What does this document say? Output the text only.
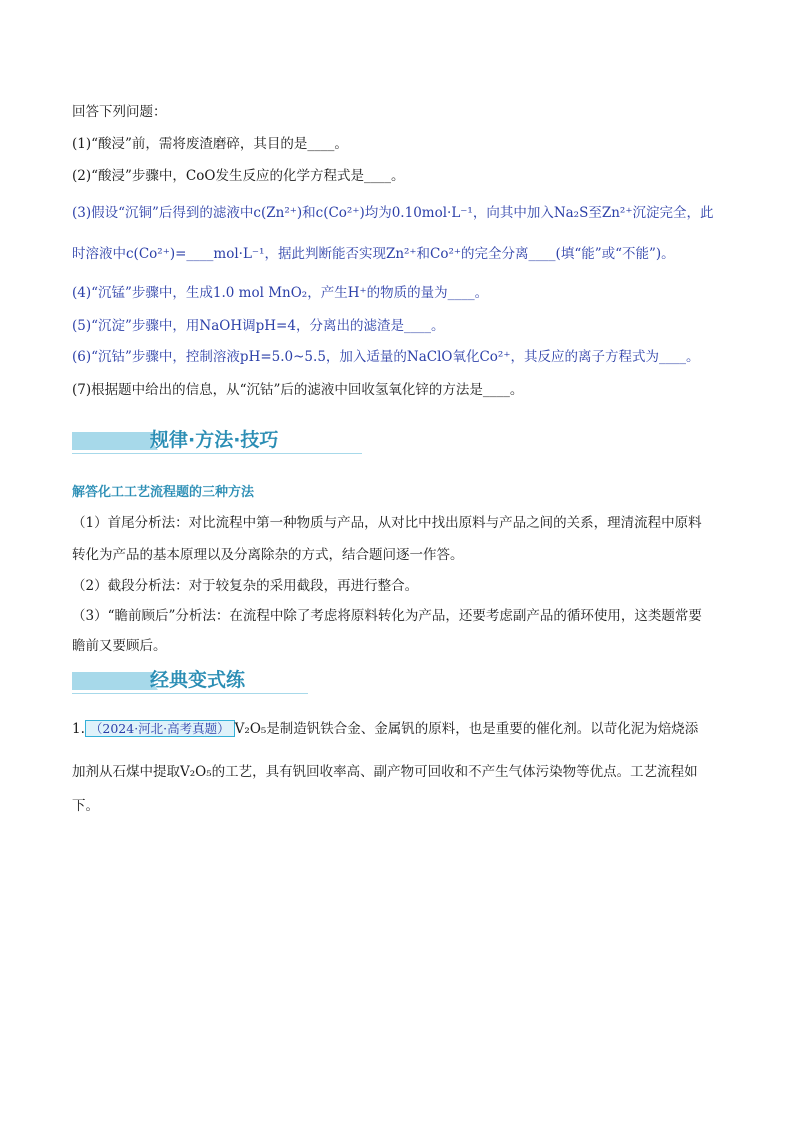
回答下列问题：
(1)“酸浸”前，需将废渣磨碎，其目的是____。
(2)“酸浸”步骤中，CoO发生反应的化学方程式是____。
(3)假设“沉铜”后得到的滤液中c(Zn²⁺)和c(Co²⁺)均为0.10mol·L⁻¹，向其中加入Na₂S至Zn²⁺沉淀完全，此
时溶液中c(Co²⁺)=____mol·L⁻¹，据此判断能否实现Zn²⁺和Co²⁺的完全分离____(填“能”或“不能”)。
(4)“沉锰”步骤中，生成1.0 mol MnO₂，产生H⁺的物质的量为____。
(5)“沉淀”步骤中，用NaOH调pH=4，分离出的滤渣是____。
(6)“沉钴”步骤中，控制溶液pH=5.0~5.5，加入适量的NaClO氧化Co²⁺，其反应的离子方程式为____。
(7)根据题中给出的信息，从“沉钴”后的滤液中回收氢氧化锌的方法是____。
规律·方法·技巧
解答化工工艺流程题的三种方法
（1）首尾分析法：对比流程中第一种物质与产品，从对比中找出原料与产品之间的关系，理清流程中原料
转化为产品的基本原理以及分离除杂的方式，结合题问逐一作答。
（2）截段分析法：对于较复杂的采用截段，再进行整合。
（3）“瞻前顾后”分析法：在流程中除了考虑将原料转化为产品，还要考虑副产品的循环使用，这类题常要
瞻前又要顾后。
经典变式练
1. （2024·河北·高考真题） V₂O₅是制造钒铁合金、金属钒的原料，也是重要的催化剂。以苛化泥为焙烧添
加剂从石煤中提取V₂O₅的工艺，具有钒回收率高、副产物可回收和不产生气体污染物等优点。工艺流程如
下。
